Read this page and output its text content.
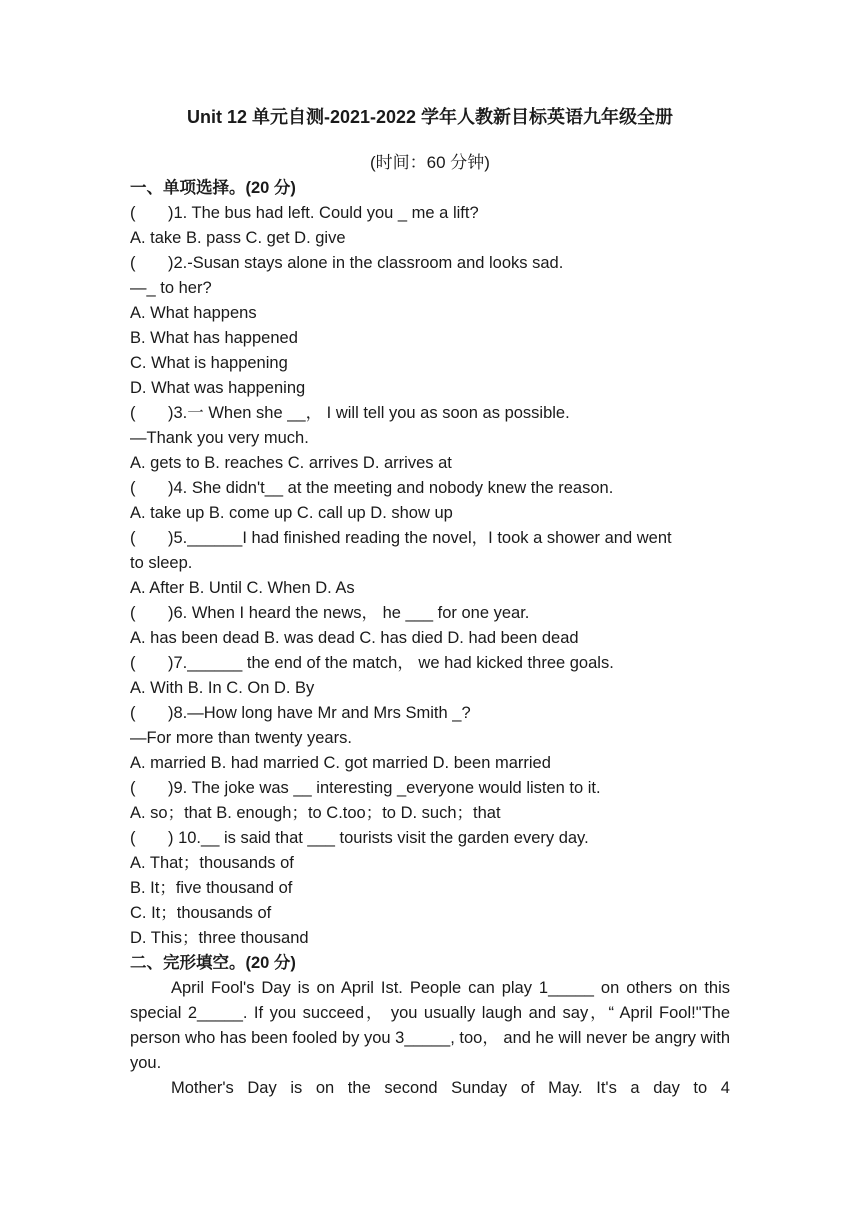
Unit 12 单元自测-2021-2022 学年人教新目标英语九年级全册
(时间：60 分钟)
一、单项选择。(20 分)
(	)1. The bus had left. Could you _ me a lift?
A. take B. pass C. get D. give
(	)2.-Susan stays alone in the classroom and looks sad.
—_ to her?
A. What happens
B. What has happened
C. What is happening
D. What was happening
(	)3.一 When she __， I will tell you as soon as possible.
—Thank you very much.
A. gets to B. reaches C. arrives D. arrives at
(	)4. She didn't__ at the meeting and nobody knew the reason.
A. take up B. come up C. call up D. show up
(	)5.______I had finished reading the novel，I took a shower and went
to sleep.
A. After B. Until C. When D. As
(	)6. When I heard the news， he ___ for one year.
A. has been dead B. was dead C. has died D. had been dead
(	)7.______ the end of the match， we had kicked three goals.
A. With B. In C. On D. By
(	)8.—How long have Mr and Mrs Smith _?
—For more than twenty years.
A. married B. had married C. got married D. been married
(	)9. The joke was __ interesting _everyone would listen to it.
A. so；that B. enough；to C.too；to D. such；that
(	) 10.__ is said that ___ tourists visit the garden every day.
A. That；thousands of
B. It；five thousand of
C. It；thousands of
D. This；three thousand
二、完形填空。(20 分)
April Fool's Day is on April Ist. People can play 1_____ on others on this special 2_____. If you succeed， you usually laugh and say，“ April Fool!"The person who has been fooled by you 3_____, too， and he will never be angry with you.
Mother's Day is on the second Sunday of May. It's a day to 4
